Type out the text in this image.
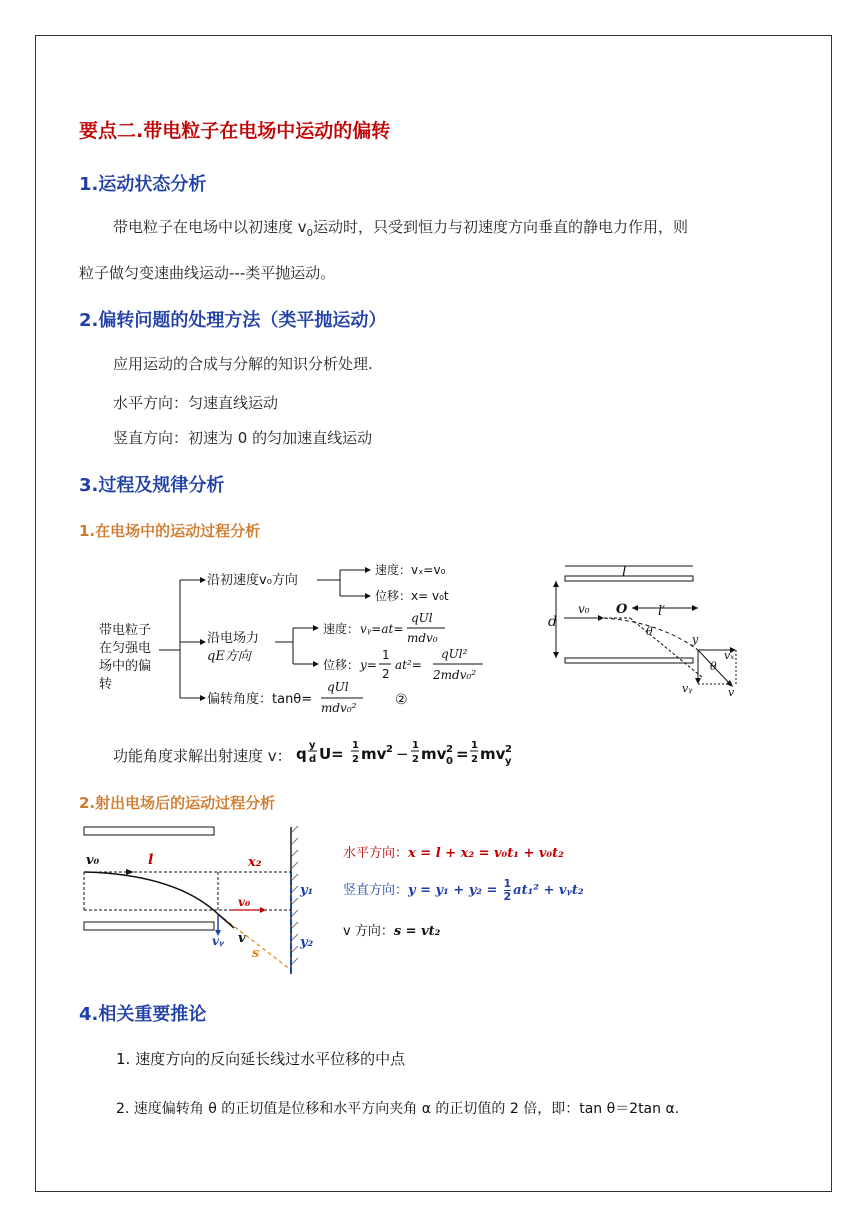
要点二.带电粒子在电场中运动的偏转
1.运动状态分析
带电粒子在电场中以初速度 $v_0$运动时，只受到恒力与初速度方向垂直的静电力作用，则
粒子做匀变速曲线运动---类平抛运动。
2.偏转问题的处理方法（类平抛运动）
应用运动的合成与分解的知识分析处理.
水平方向：匀速直线运动
竖直方向：初速为 0 的匀加速直线运动
3.过程及规律分析
1.在电场中的运动过程分析
带电粒子
在匀强电
场中的偏
转
沿初速度v₀方向
速度：vₓ=v₀
位移：x= v₀t
沿电场力
qE方向
速度： vᵧ=at=
qUl
mdv₀
位移： y=
1
2
at²=
qUl²
2mdv₀²
偏转角度：tanθ=
qUl
mdv₀²	②
l
d
v₀ O l′
θ
y
θ
vₓ
vᵧ	v
功能角度求解出射速度 v： q y
d U= 1
2 mv 2 − 1
2 mv 2
0 = 1
2 mv 2
y
2.射出电场后的运动过程分析
v₀	l	x₂
y₁
y₂
v₀
vᵧ v
s
水平方向：x = l + x₂ = v₀t₁ + v₀t₂
竖直方向：$y = y_1 + y_2 = \frac{1}{2} at_1^2$ + vᵧt₂
v 方向：s = vt₂
4.相关重要推论
1. 速度方向的反向延长线过水平位移的中点
2. 速度偏转角 θ 的正切值是位移和水平方向夹角 α 的正切值的 2 倍，即：tan θ＝2tan α.
